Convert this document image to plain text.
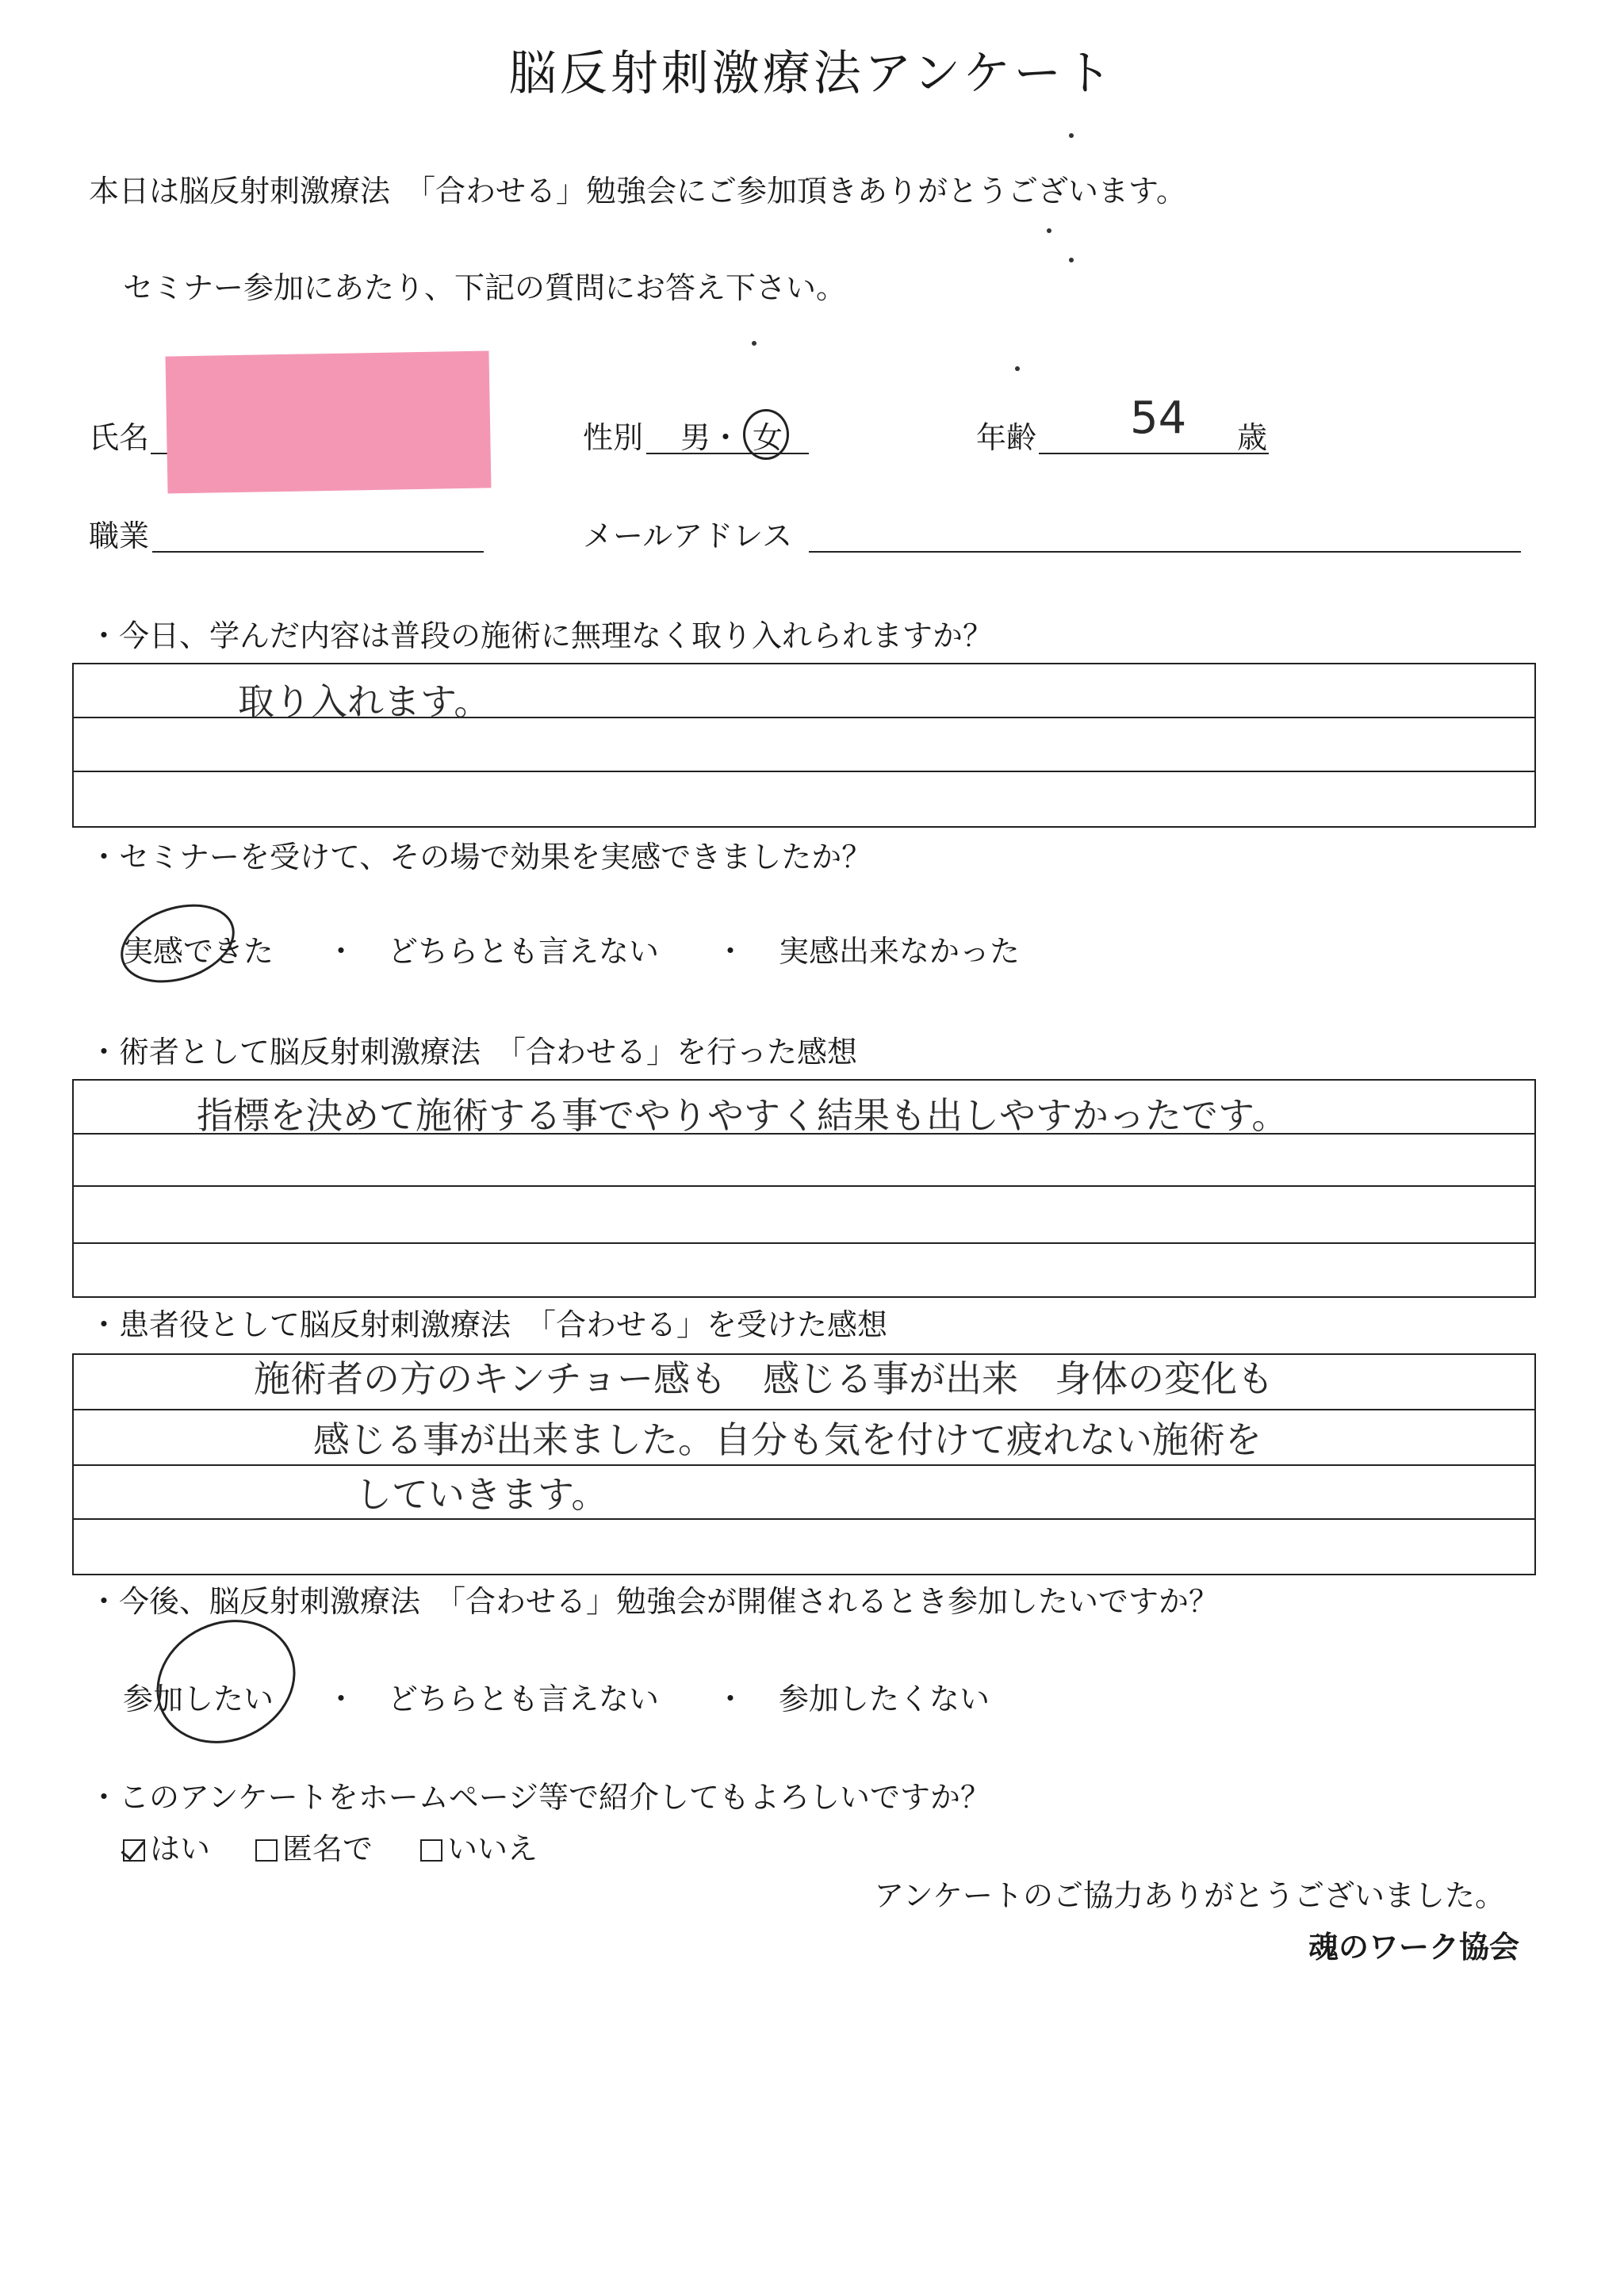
脳反射刺激療法アンケート
本日は脳反射刺激療法　「合わせる」勉強会にご参加頂きありがとうございます。
セミナー参加にあたり、下記の質問にお答え下さい。
氏名	性別 男・ 女	年齢 54 歳
職業	メールアドレス
・今日、学んだ内容は普段の施術に無理なく取り入れられますか？
取り入れます。
・セミナーを受けて、その場で効果を実感できましたか？
実感できた ・ どちらとも言えない ・ 実感出来なかった
・術者として脳反射刺激療法　「合わせる」を行った感想
指標を決めて施術する事でやりやすく結果も出しやすかったです。
・患者役として脳反射刺激療法　「合わせる」を受けた感想
施術者の方のキンチョー感も　感じる事が出来　身体の変化も
感じる事が出来ました。自分も気を付けて疲れない施術を
していきます。
・今後、脳反射刺激療法　「合わせる」勉強会が開催されるとき参加したいですか？
参加したい ・ どちらとも言えない ・ 参加したくない
・このアンケートをホームページ等で紹介してもよろしいですか？
はい	匿名で	いいえ
アンケートのご協力ありがとうございました。
魂のワーク協会
